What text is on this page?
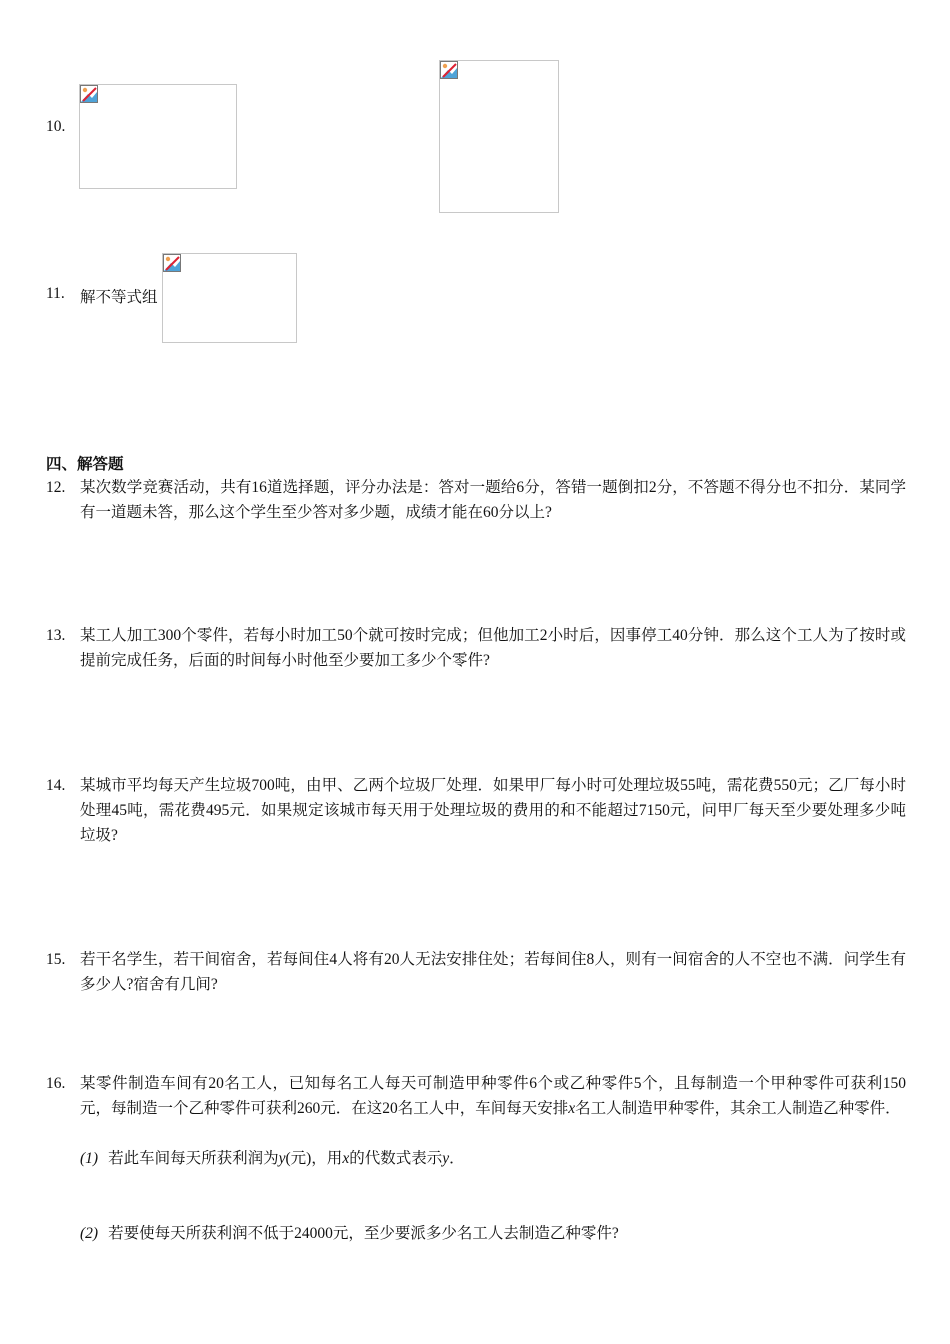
10.
11. 解不等式组
四、解答题
12. 某次数学竞赛活动，共有16道选择题，评分办法是：答对一题给6分，答错一题倒扣2分，不答题不得分也不扣分．某同学有一道题未答，那么这个学生至少答对多少题，成绩才能在60分以上?
13. 某工人加工300个零件，若每小时加工50个就可按时完成；但他加工2小时后，因事停工40分钟．那么这个工人为了按时或提前完成任务，后面的时间每小时他至少要加工多少个零件?
14. 某城市平均每天产生垃圾700吨，由甲、乙两个垃圾厂处理．如果甲厂每小时可处理垃圾55吨，需花费550元；乙厂每小时处理45吨，需花费495元．如果规定该城市每天用于处理垃圾的费用的和不能超过7150元，问甲厂每天至少要处理多少吨垃圾?
15. 若干名学生，若干间宿舍，若每间住4人将有20人无法安排住处；若每间住8人，则有一间宿舍的人不空也不满．问学生有多少人?宿舍有几间?
16. 某零件制造车间有20名工人，已知每名工人每天可制造甲种零件6个或乙种零件5个，且每制造一个甲种零件可获利150元，每制造一个乙种零件可获利260元．在这20名工人中，车间每天安排x名工人制造甲种零件，其余工人制造乙种零件．
(1) 若此车间每天所获利润为y(元)，用x的代数式表示y．
(2) 若要使每天所获利润不低于24000元，至少要派多少名工人去制造乙种零件?
